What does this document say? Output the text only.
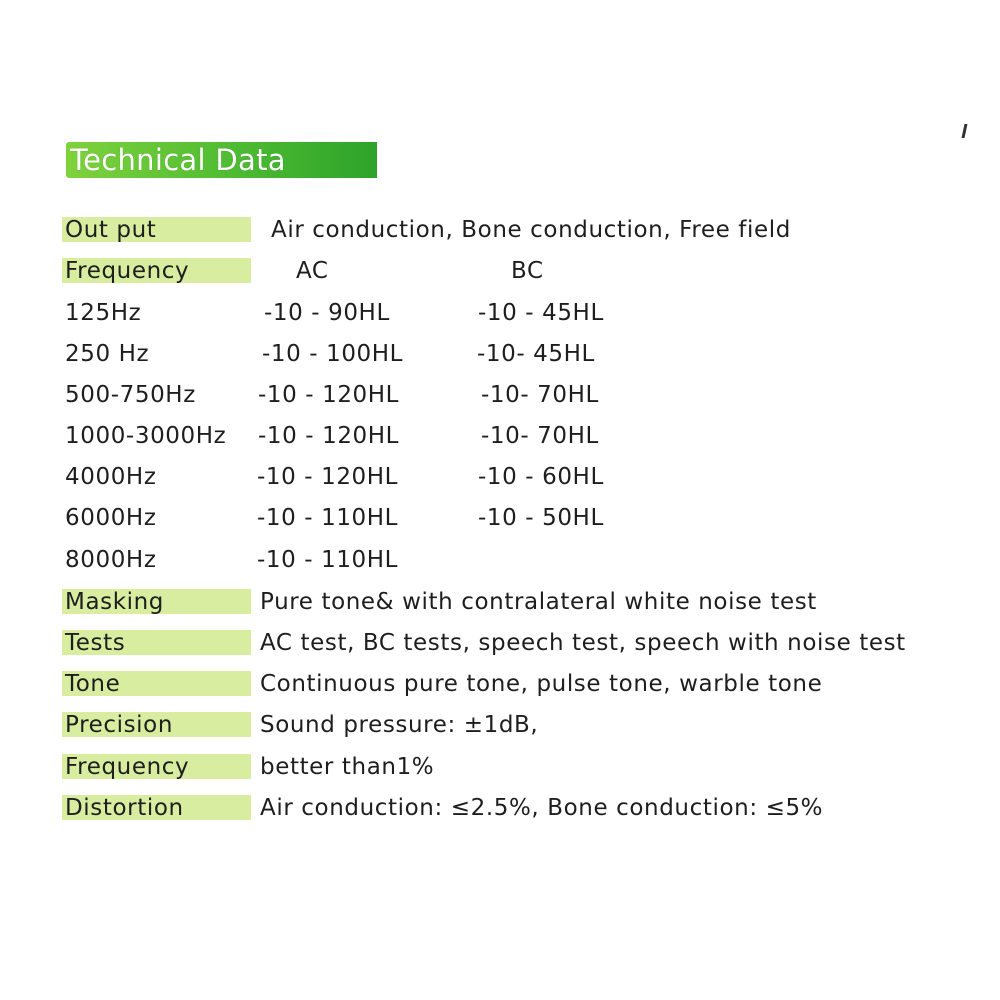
Technical Data
Out put	Air conduction, Bone conduction, Free field
Frequency	AC	BC
125Hz	-10 - 90HL	-10 - 45HL
250 Hz	-10 - 100HL	-10- 45HL
500-750Hz	-10 - 120HL	-10- 70HL
1000-3000Hz -10 - 120HL	-10- 70HL
4000Hz	-10 - 120HL	-10 - 60HL
6000Hz	-10 - 110HL	-10 - 50HL
8000Hz	-10 - 110HL
Masking	Pure tone& with contralateral white noise test
Tests	AC test, BC tests, speech test, speech with noise test
Tone	Continuous pure tone, pulse tone, warble tone
Precision	Sound pressure: ±1dB,
Frequency	better than1%
Distortion	Air conduction: ≤2.5%, Bone conduction: ≤5%
